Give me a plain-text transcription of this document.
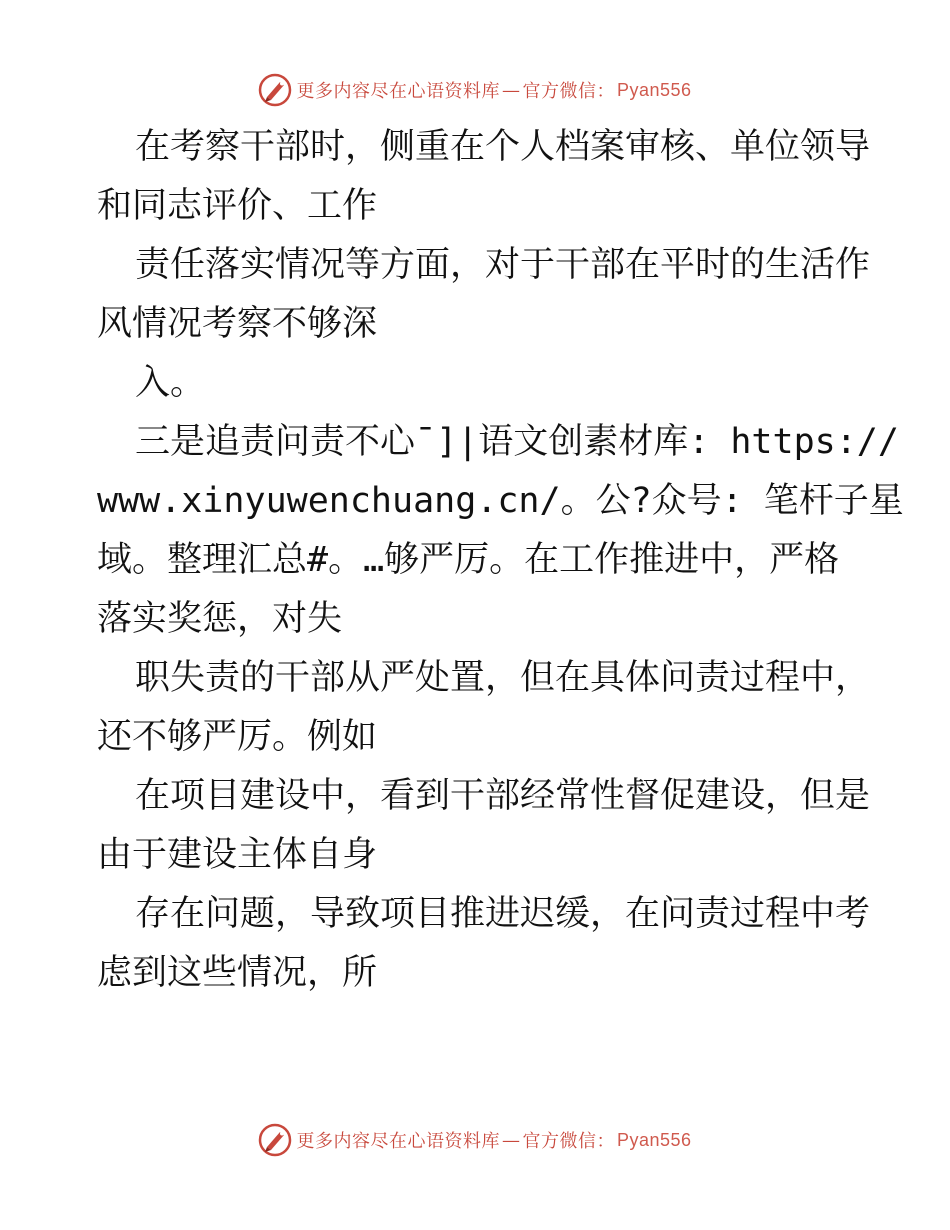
更多内容尽在心语资料库 — 官方微信： Pyan556
在考察干部时，侧重在个人档案审核、单位领导
和同志评价、工作
责任落实情况等方面，对于干部在平时的生活作
风情况考察不够深
入。
三是追责问责不心¯]|语文创素材库: https://
www.xinyuwenchuang.cn/。公?众号: 笔杆子星
域。整理汇总#。…够严厉。在工作推进中，严格
落实奖惩，对失
职失责的干部从严处置，但在具体问责过程中，
还不够严厉。例如
在项目建设中，看到干部经常性督促建设，但是
由于建设主体自身
存在问题，导致项目推进迟缓，在问责过程中考
虑到这些情况，所
更多内容尽在心语资料库 — 官方微信： Pyan556
